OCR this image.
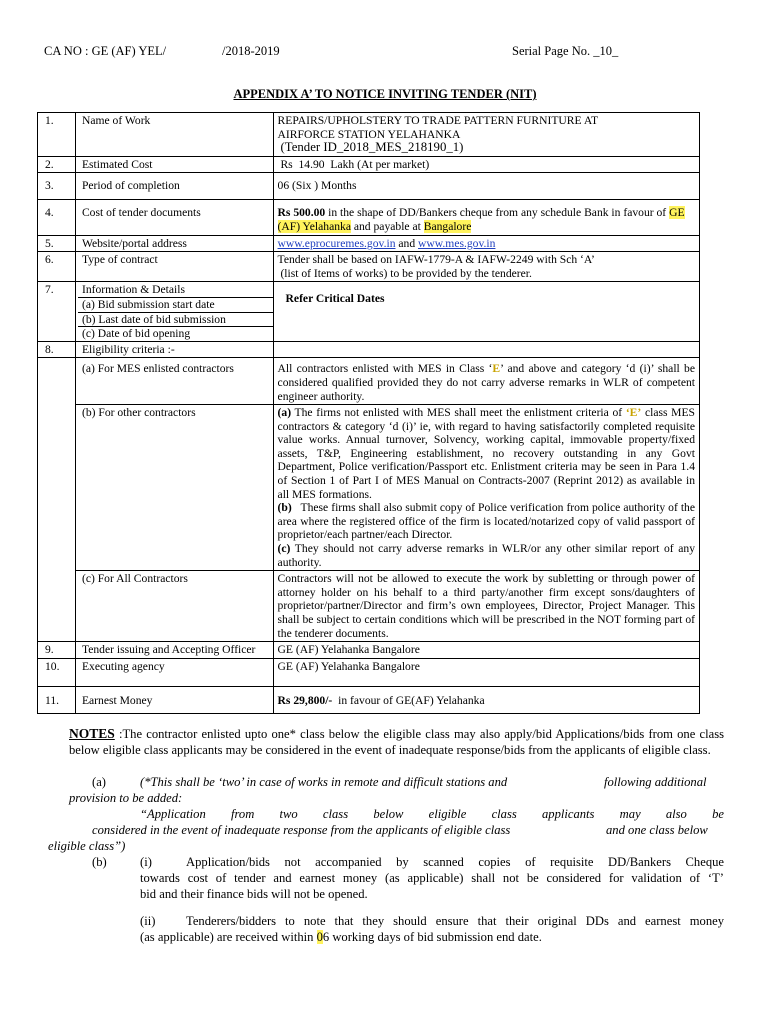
CA NO : GE (AF) YEL/	/2018-2019	Serial Page No. _10_
APPENDIX A’ TO NOTICE INVITING TENDER (NIT)
1.	Name of Work	REPAIRS/UPHOLSTERY TO TRADE PATTERN FURNITURE AT
AIRFORCE STATION YELAHANKA
(Tender ID_2018_MES_218190_1)

2.	Estimated Cost	Rs  14.90  Lakh (At per market)
3.	Period of completion	06 (Six ) Months
4.	Cost of tender documents	Rs 500.00 in the shape of DD/Bankers cheque from any schedule Bank in favour of GE (AF) Yelahanka and payable at Bangalore
5.	Website/portal address	www.eprocuremes.gov.in and www.mes.gov.in
6.	Type of contract	Tender shall be based on IAFW-1779-A & IAFW-2249 with Sch ‘A’
(list of Items of works) to be provided by the tenderer.

7.	Information & Details
(a) Bid submission start date
(b) Last date of bid submission
(c) Date of bid opening	Refer Critical Dates
8.	Eligibility criteria :-	
	(a) For MES enlisted contractors	All contractors enlisted with MES in Class ‘E’ and above and category ‘d (i)’ shall be considered qualified provided they do not carry adverse remarks in WLR of competent engineer authority.
	(b) For other contractors	(a) The firms not enlisted with MES shall meet the enlistment criteria of ‘E’ class MES contractors & category ‘d (i)’ ie, with regard to having satisfactorily completed requisite value works. Annual turnover, Solvency, working capital, immovable property/fixed assets, T&P, Engineering establishment, no recovery outstanding in any Govt Department, Police verification/Passport etc. Enlistment criteria may be seen in Para 1.4 of Section 1 of Part I of MES Manual on Contracts-2007 (Reprint 2012) as available in all MES formations.
(b)   These firms shall also submit copy of Police verification from police authority of the area where the registered office of the firm is located/notarized copy of valid passport of proprietor/each partner/each Director.
(c) They should not carry adverse remarks in WLR/or any other similar report of any authority.

	(c) For All Contractors	Contractors will not be allowed to execute the work by subletting or through power of attorney holder on his behalf to a third party/another firm except sons/daughters of proprietor/partner/Director and firm’s own employees, Director, Project Manager. This shall be subject to certain conditions which will be prescribed in the NOT forming part of the tenderer documents.
9.	Tender issuing and Accepting Officer	GE (AF) Yelahanka Bangalore
10.	Executing agency	GE (AF) Yelahanka Bangalore
11.	Earnest Money	Rs 29,800/-  in favour of GE(AF) Yelahanka

NOTES :The contractor enlisted upto one* class below the eligible class may also apply/bid Applications/bids from one class below eligible class applicants may be considered in the event of inadequate response/bids from the applicants of eligible class.

(a)	(*This shall be ‘two’ in case of works in remote and difficult stations and	following additional
provision to be added:
“Application from two class below eligible class applicants may also be
considered in the event of inadequate response from the applicants of eligible class	and one class below
eligible class”)
(b)	(i)	Application/bids not accompanied by scanned copies of requisite DD/Bankers Cheque
towards cost of tender and earnest money (as applicable) shall not be considered for validation of ‘T’
bid and their finance bids will not be opened.
(ii) Tenderers/bidders to note that they should ensure that their original DDs and earnest money
(as applicable) are received within 06 working days of bid submission end date.
